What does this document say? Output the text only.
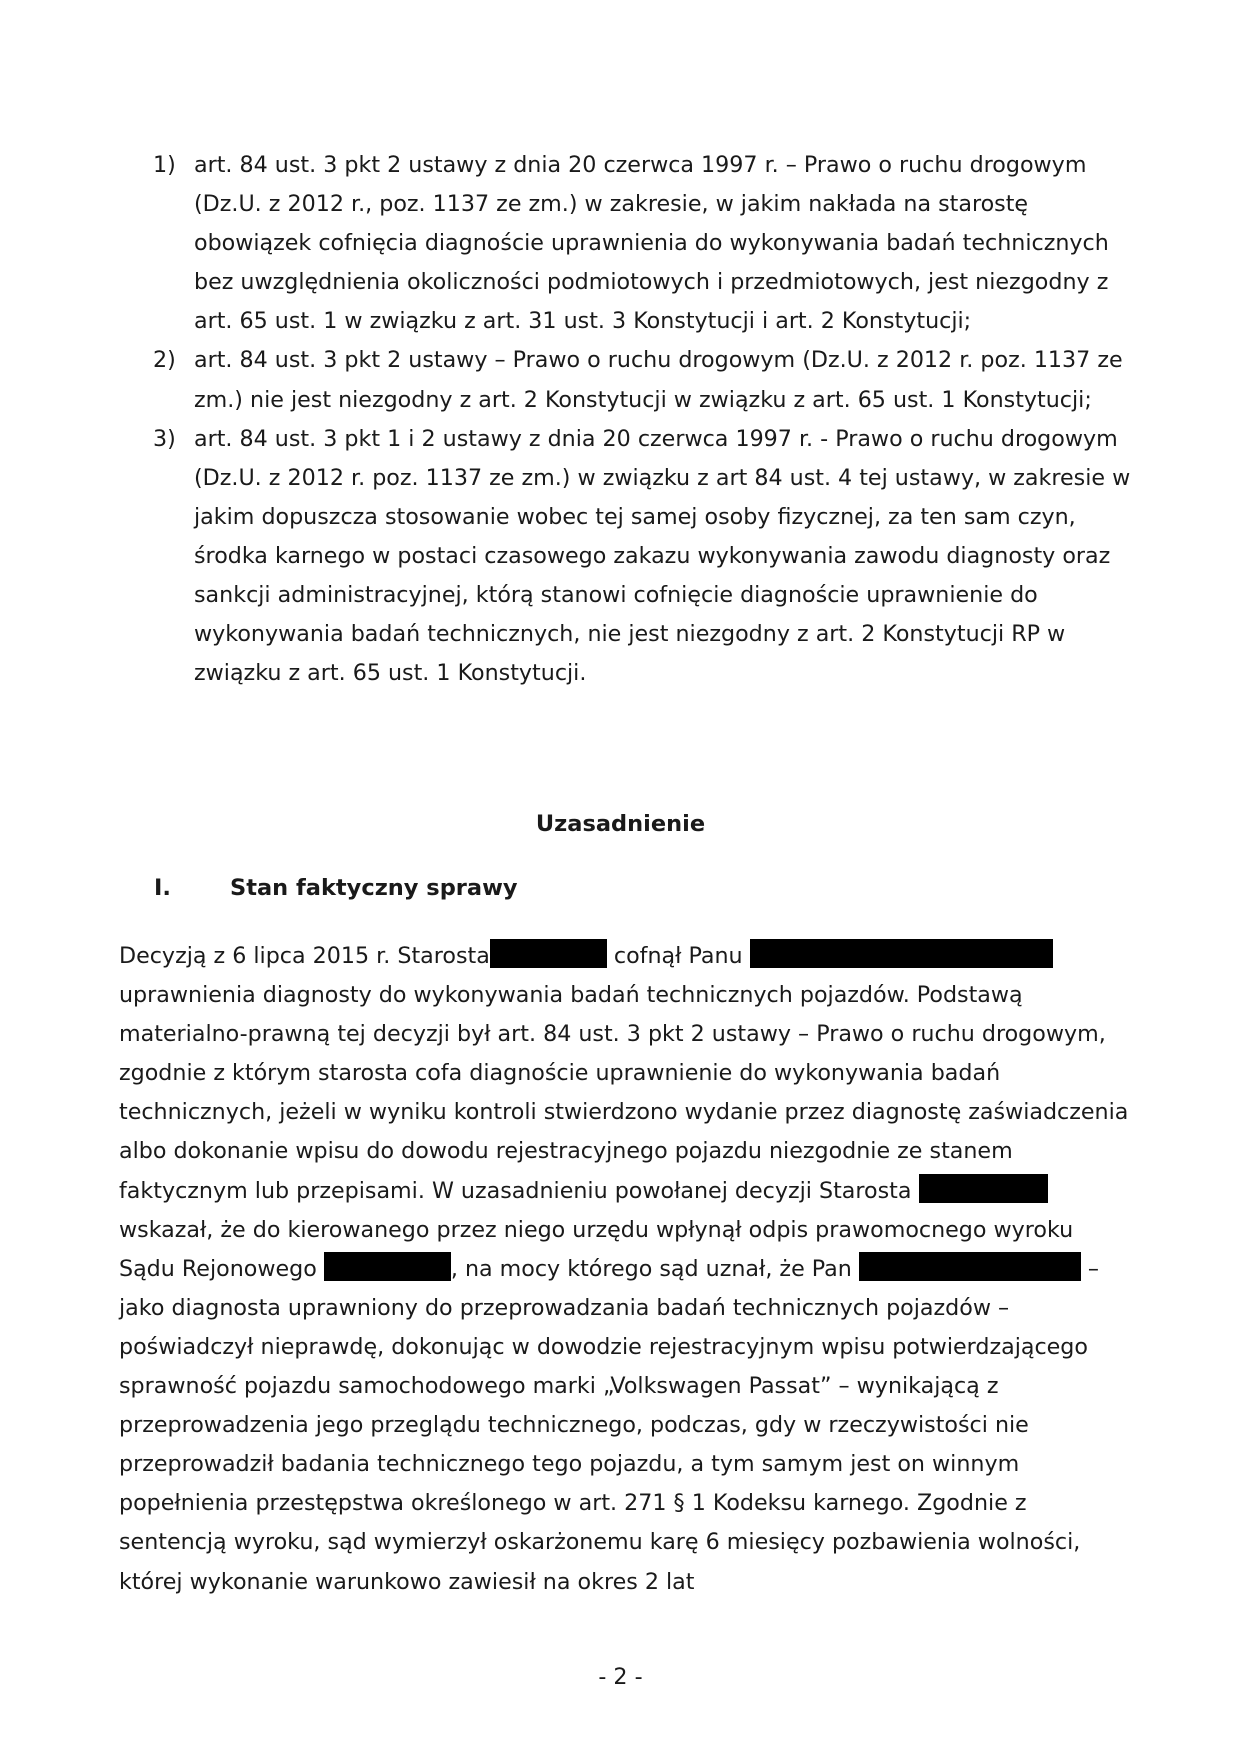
1) art. 84 ust. 3 pkt 2 ustawy z dnia 20 czerwca 1997 r. – Prawo o ruchu drogowym (Dz.U. z 2012 r., poz. 1137 ze zm.) w zakresie, w jakim nakłada na starostę obowiązek cofnięcia diagnoście uprawnienia do wykonywania badań technicznych bez uwzględnienia okoliczności podmiotowych i przedmiotowych, jest niezgodny z art. 65 ust. 1 w związku z art. 31 ust. 3 Konstytucji i art. 2 Konstytucji;
2) art. 84 ust. 3 pkt 2 ustawy – Prawo o ruchu drogowym (Dz.U. z 2012 r. poz. 1137 ze zm.) nie jest niezgodny z art. 2 Konstytucji w związku z art. 65 ust. 1 Konstytucji;
3) art. 84 ust. 3 pkt 1 i 2 ustawy z dnia 20 czerwca 1997 r. - Prawo o ruchu drogowym (Dz.U. z 2012 r. poz. 1137 ze zm.) w związku z art 84 ust. 4 tej ustawy, w zakresie w jakim dopuszcza stosowanie wobec tej samej osoby fizycznej, za ten sam czyn, środka karnego w postaci czasowego zakazu wykonywania zawodu diagnosty oraz sankcji administracyjnej, którą stanowi cofnięcie diagnoście uprawnienie do wykonywania badań technicznych, nie jest niezgodny z art. 2 Konstytucji RP w związku z art. 65 ust. 1 Konstytucji.
Uzasadnienie
I.	Stan faktyczny sprawy

Decyzją z 6 lipca 2015 r. Starosta	cofnął Panu  uprawnienia diagnosty do wykonywania badań technicznych pojazdów. Podstawą materialno-prawną tej decyzji był art. 84 ust. 3 pkt 2 ustawy – Prawo o ruchu drogowym, zgodnie z którym starosta cofa diagnoście uprawnienie do wykonywania badań technicznych, jeżeli w wyniku kontroli stwierdzono wydanie przez diagnostę zaświadczenia albo dokonanie wpisu do dowodu rejestracyjnego pojazdu niezgodnie ze stanem faktycznym lub przepisami. W uzasadnieniu powołanej decyzji Starosta wskazał, że do kierowanego przez niego urzędu wpłynął odpis prawomocnego wyroku Sądu Rejonowego	, na mocy którego sąd uznał, że Pan	– jako diagnosta uprawniony do przeprowadzania badań technicznych pojazdów – poświadczył nieprawdę, dokonując w dowodzie rejestracyjnym wpisu potwierdzającego sprawność pojazdu samochodowego marki „Volkswagen Passat” – wynikającą z przeprowadzenia jego przeglądu technicznego, podczas, gdy w rzeczywistości nie przeprowadził badania technicznego tego pojazdu, a tym samym jest on winnym popełnienia przestępstwa określonego w art. 271 § 1 Kodeksu karnego. Zgodnie z sentencją wyroku, sąd wymierzył oskarżonemu karę 6 miesięcy pozbawienia wolności, której wykonanie warunkowo zawiesił na okres 2 lat

- 2 -
